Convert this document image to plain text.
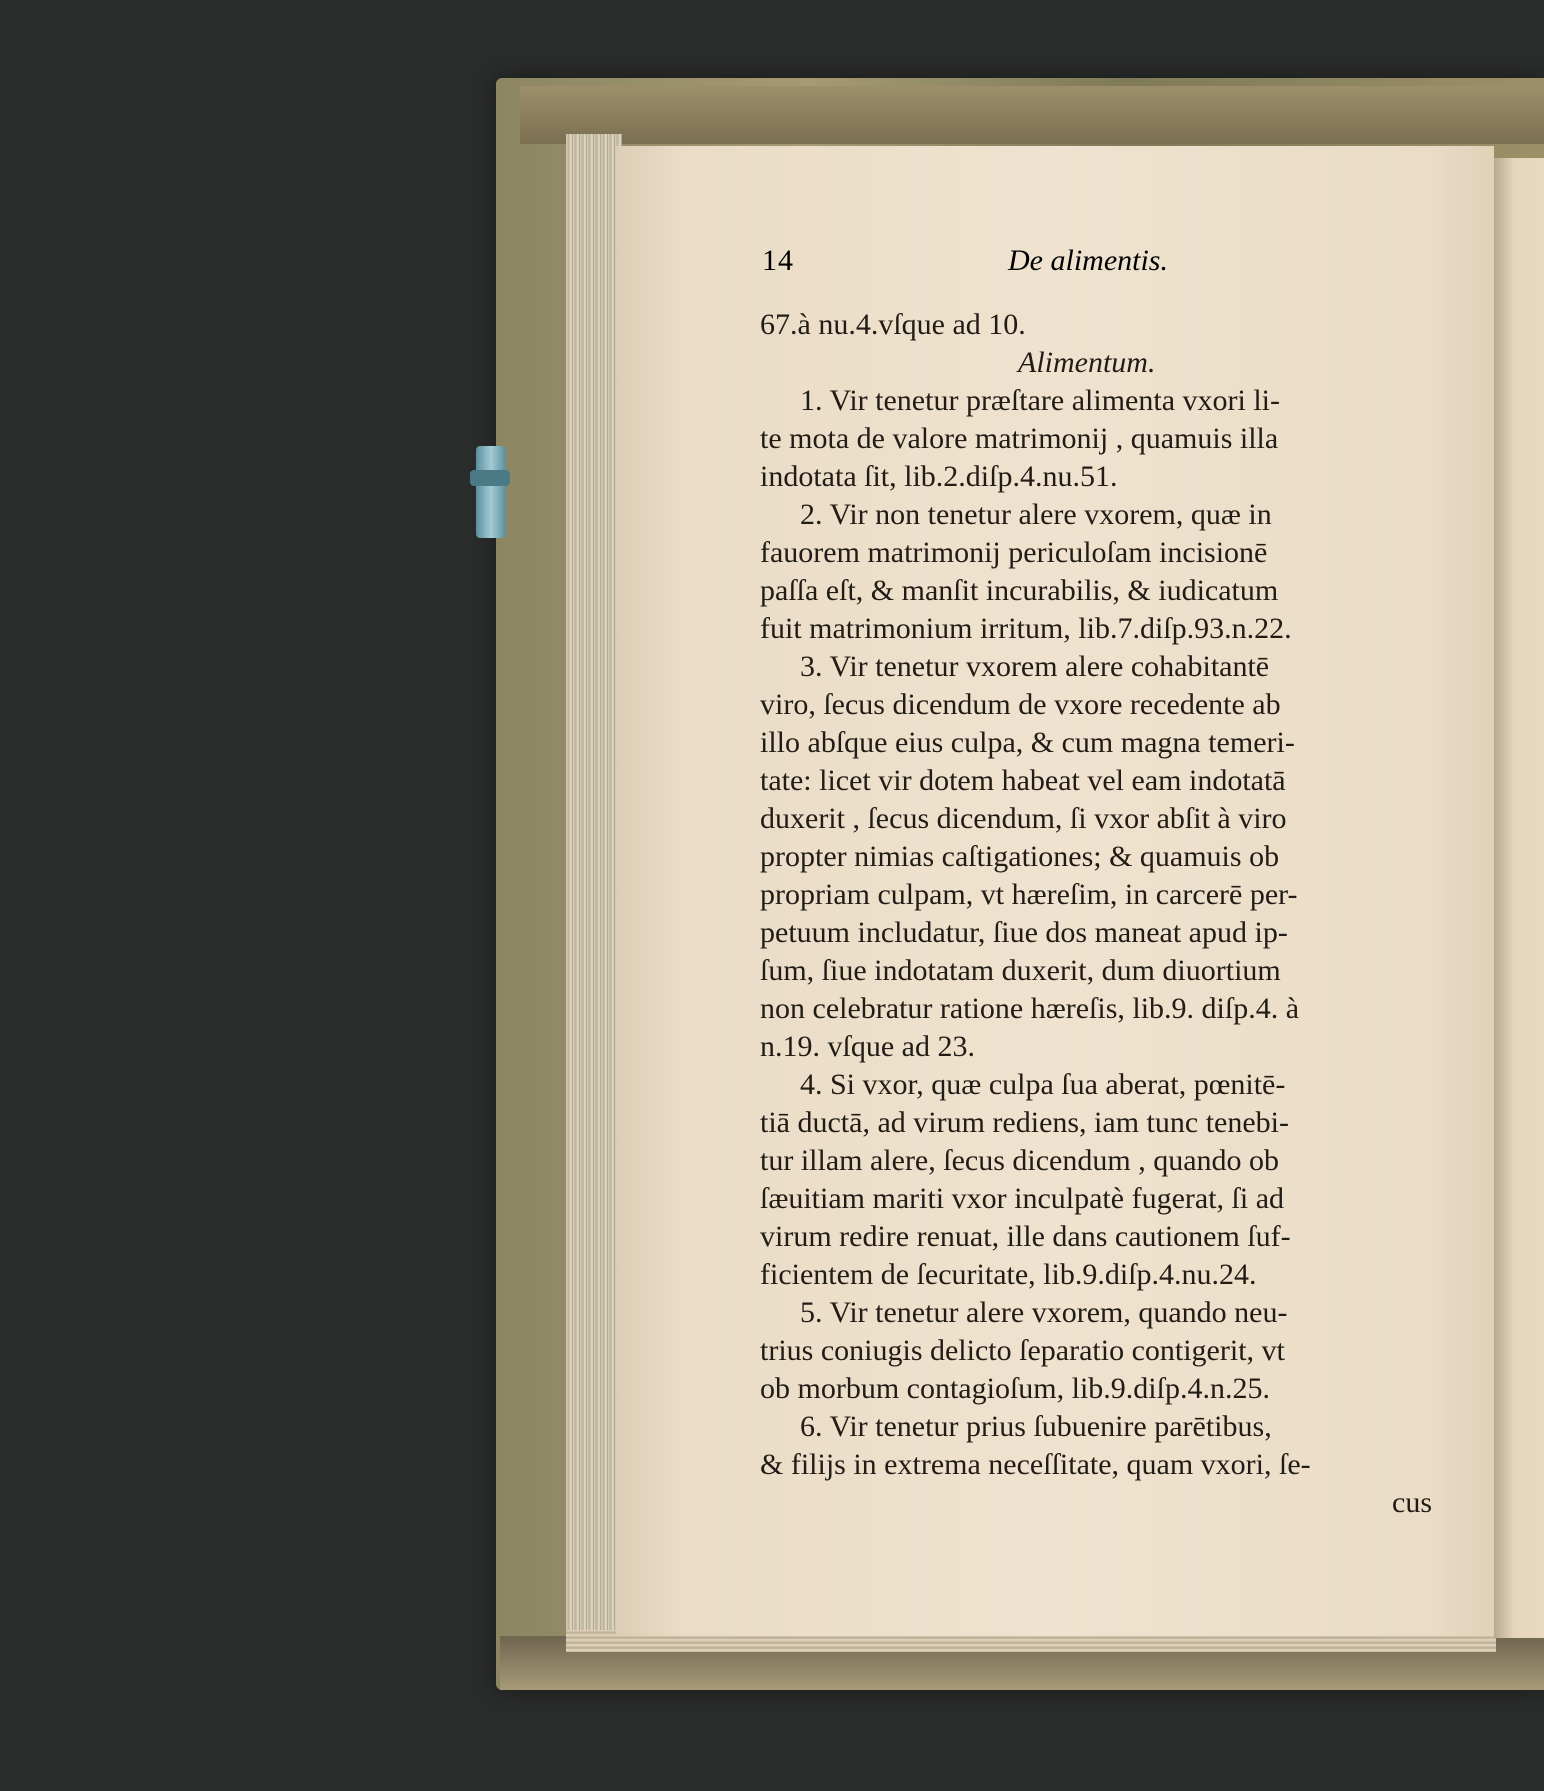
14	De alimentis.
67.à nu.4.vſque ad 10.
Alimentum.
1. Vir tenetur præſtare alimenta vxori li-
te mota de valore matrimonij , quamuis illa
indotata ſit, lib.2.diſp.4.nu.51.
2. Vir non tenetur alere vxorem, quæ in
fauorem matrimonij periculoſam incisionē
paſſa eſt, & manſit incurabilis, & iudicatum
fuit matrimonium irritum, lib.7.diſp.93.n.22.
3. Vir tenetur vxorem alere cohabitantē
viro, ſecus dicendum de vxore recedente ab
illo abſque eius culpa, & cum magna temeri-
tate: licet vir dotem habeat vel eam indotatā
duxerit , ſecus dicendum, ſi vxor abſit à viro
propter nimias caſtigationes; & quamuis ob
propriam culpam, vt hæreſim, in carcerē per-
petuum includatur, ſiue dos maneat apud ip-
ſum, ſiue indotatam duxerit, dum diuortium
non celebratur ratione hæreſis, lib.9. diſp.4. à
n.19. vſque ad 23.
4. Si vxor, quæ culpa ſua aberat, pœnitē-
tiā ductā, ad virum rediens, iam tunc tenebi-
tur illam alere, ſecus dicendum , quando ob
ſæuitiam mariti vxor inculpatè fugerat, ſi ad
virum redire renuat, ille dans cautionem ſuf-
ficientem de ſecuritate, lib.9.diſp.4.nu.24.
5. Vir tenetur alere vxorem, quando neu-
trius coniugis delicto ſeparatio contigerit, vt
ob morbum contagioſum, lib.9.diſp.4.n.25.
6. Vir tenetur prius ſubuenire parētibus,
& filijs in extrema neceſſitate, quam vxori, ſe-
cus
